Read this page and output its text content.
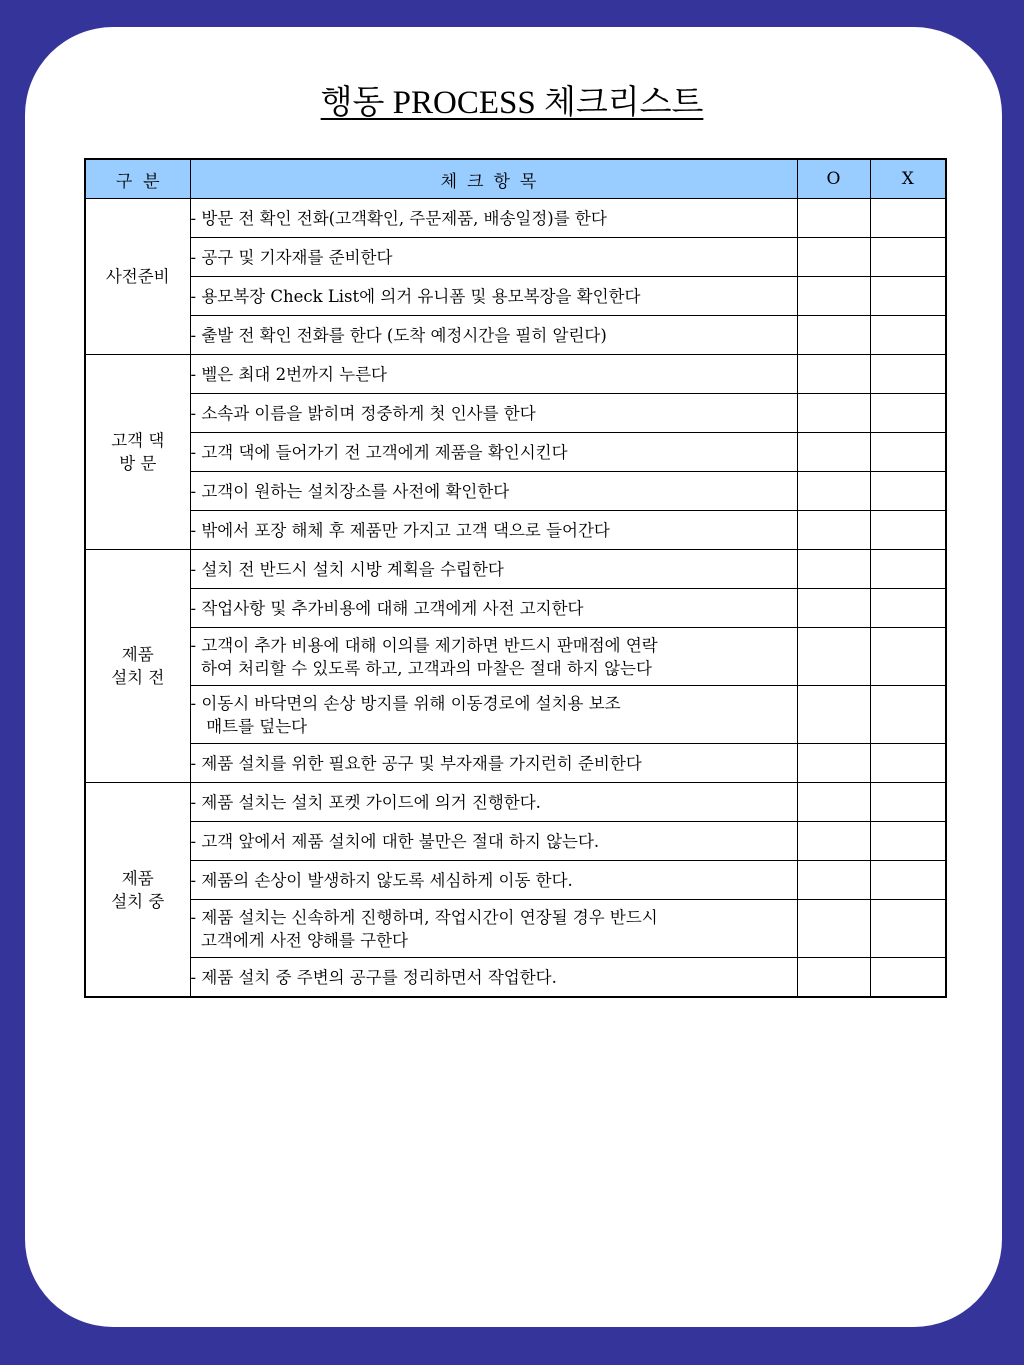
행동 PROCESS 체크리스트
구  분	체크항목	O	X
사전준비	- 방문 전 확인 전화(고객확인, 주문제품, 배송일정)를 한다		
	- 공구 및 기자재를 준비한다		
	- 용모복장 Check List에 의거 유니폼 및 용모복장을 확인한다		
	- 출발 전 확인 전화를 한다 (도착 예정시간을 필히 알린다)		
고객 댁
방 문	- 벨은 최대 2번까지 누른다		
	- 소속과 이름을 밝히며 정중하게 첫 인사를 한다		
	- 고객 댁에 들어가기 전 고객에게 제품을 확인시킨다		
	- 고객이 원하는 설치장소를 사전에 확인한다		
	- 밖에서 포장 해체 후 제품만 가지고 고객 댁으로 들어간다		
제품
설치 전	- 설치 전 반드시 설치 시방 계획을 수립한다		
	- 작업사항 및 추가비용에 대해 고객에게 사전 고지한다		
	- 고객이 추가 비용에 대해 이의를 제기하면 반드시 판매점에 연락
하여 처리할 수 있도록 하고, 고객과의 마찰은 절대 하지 않는다		
	- 이동시 바닥면의 손상 방지를 위해 이동경로에 설치용 보조
매트를 덮는다		
	- 제품 설치를 위한 필요한 공구 및 부자재를 가지런히 준비한다		
제품
설치 중	- 제품 설치는 설치 포켓 가이드에 의거 진행한다.		
	- 고객 앞에서 제품 설치에 대한 불만은 절대 하지 않는다.		
	- 제품의 손상이 발생하지 않도록 세심하게 이동 한다.		
	- 제품 설치는 신속하게 진행하며, 작업시간이 연장될 경우 반드시
고객에게 사전 양해를 구한다		
	- 제품 설치 중 주변의 공구를 정리하면서 작업한다.		
